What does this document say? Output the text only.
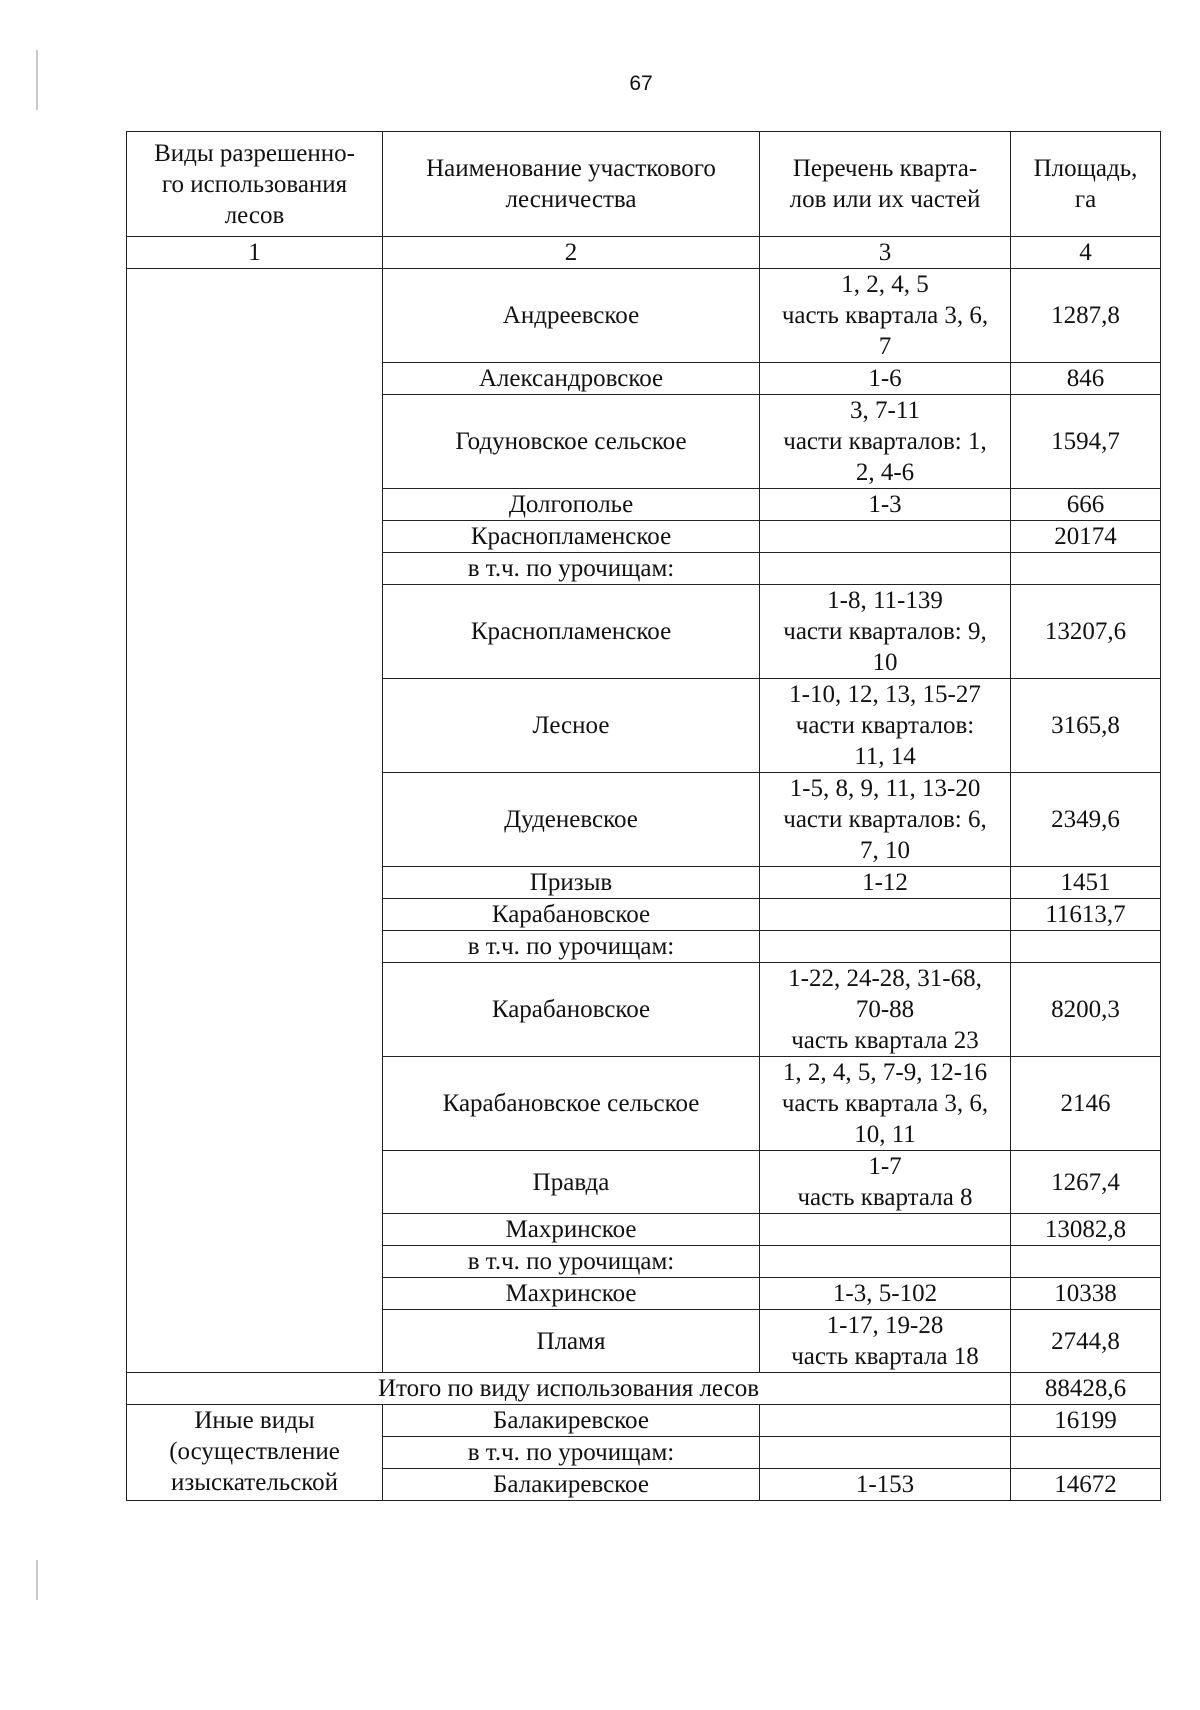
67
Виды разрешенно-
го использования
лесов	Наименование участкового
лесничества	Перечень кварта-
лов или их частей	Площадь,
га
1	2	3	4
	Андреевское	1, 2, 4, 5
часть квартала 3, 6,
7	1287,8
	Александровское	1-6	846
	Годуновское сельское	3, 7-11
части кварталов: 1,
2, 4-6	1594,7
	Долгополье	1-3	666
	Краснопламенское		20174
	в т.ч. по урочищам:		
	Краснопламенское	1-8, 11-139
части кварталов: 9,
10	13207,6
	Лесное	1-10, 12, 13, 15-27
части кварталов:
11, 14	3165,8
	Дуденевское	1-5, 8, 9, 11, 13-20
части кварталов: 6,
7, 10	2349,6
	Призыв	1-12	1451
	Карабановское		11613,7
	в т.ч. по урочищам:		
	Карабановское	1-22, 24-28, 31-68,
70-88
часть квартала 23	8200,3
	Карабановское сельское	1, 2, 4, 5, 7-9, 12-16
часть квартала 3, 6,
10, 11	2146
	Правда	1-7
часть квартала 8	1267,4
	Махринское		13082,8
	в т.ч. по урочищам:		
	Махринское	1-3, 5-102	10338
	Пламя	1-17, 19-28
часть квартала 18	2744,8
Итого по виду использования лесов			88428,6
Иные виды
(осуществление
изыскательской	Балакиревское		16199
	в т.ч. по урочищам:		
	Балакиревское	1-153	14672
